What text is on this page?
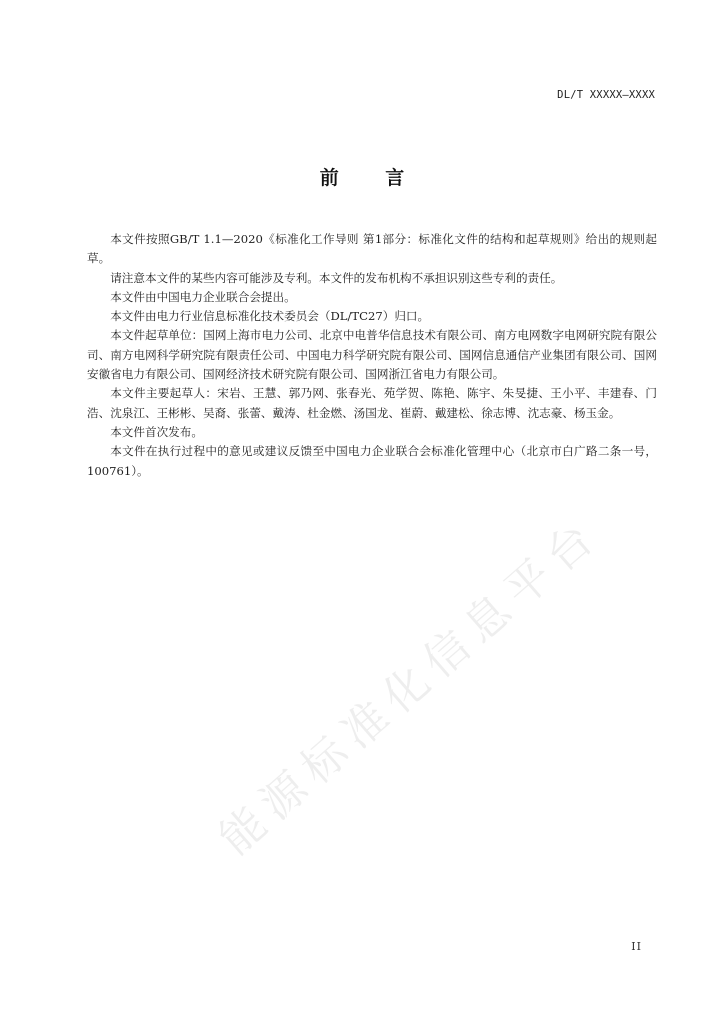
DL/T XXXXX—XXXX
前 言

本文件按照GB/T 1.1—2020《标准化工作导则 第1部分：标准化文件的结构和起草规则》给出的规则起草。

请注意本文件的某些内容可能涉及专利。本文件的发布机构不承担识别这些专利的责任。

本文件由中国电力企业联合会提出。

本文件由电力行业信息标准化技术委员会（DL/TC27）归口。

本文件起草单位：国网上海市电力公司、北京中电普华信息技术有限公司、南方电网数字电网研究院有限公司、南方电网科学研究院有限责任公司、中国电力科学研究院有限公司、国网信息通信产业集团有限公司、国网安徽省电力有限公司、国网经济技术研究院有限公司、国网浙江省电力有限公司。

本文件主要起草人：宋岩、王慧、郭乃网、张春光、苑学贺、陈艳、陈宇、朱旻捷、王小平、丰建春、门浩、沈泉江、王彬彬、吴裔、张蕾、戴涛、杜金燃、汤国龙、崔蔚、戴建松、徐志博、沈志豪、杨玉金。

本文件首次发布。

本文件在执行过程中的意见或建议反馈至中国电力企业联合会标准化管理中心（北京市白广路二条一号，100761）。

能源标准化信息平台
II
